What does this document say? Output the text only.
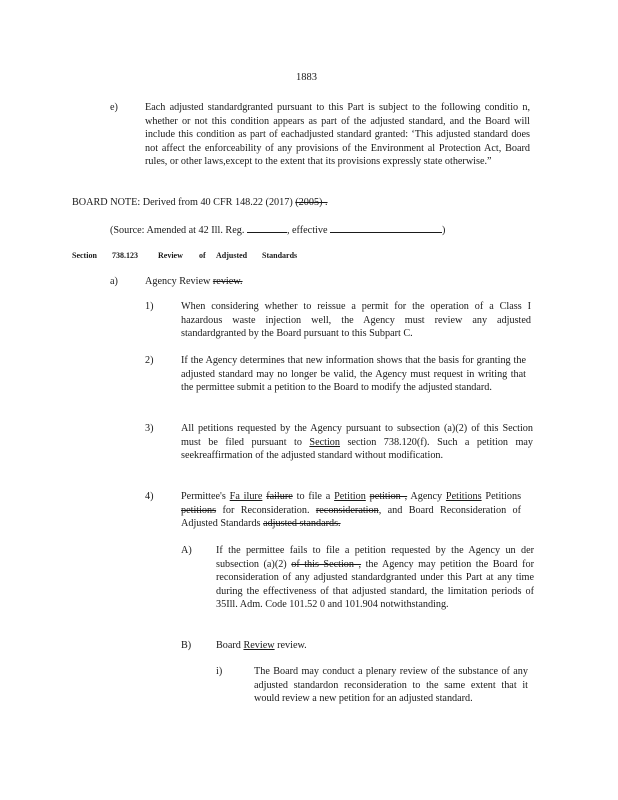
1883
e)	Each adjusted standardgranted pursuant to this Part is subject to the following conditio n, whether or not this condition appears as part of the adjusted standard, and the Board will include this condition as part of eachadjusted standard granted: ‘This adjusted standard does not affect the enforceability of any provisions of the Environment al Protection Act, Board rules, or other laws,except to the extent that its provisions expressly state otherwise.”
BOARD NOTE: Derived from 40 CFR 148.22 (2017) (2005) .
(Source: Amended at 42 Ill. Reg.	, effective	)
Section 738.123	Review of Adjusted Standards
a)	Agency Review review.
1)	When considering whether to reissue a permit for the operation of a Class I hazardous waste injection well, the Agency must review any adjusted standardgranted by the Board pursuant to this Subpart C.
2)	If the Agency determines that new information shows that the basis for granting the adjusted standard may no longer be valid, the Agency must request in writing that the permittee submit a petition to the Board to modify the adjusted standard.
3)	All petitions requested by the Agency pursuant to subsection (a)(2) of this Section must be filed pursuant to Section section 738.120(f). Such a petition may seekreaffirmation of the adjusted standard without modification.
4)	Permittee's Fa ilure failure to file a Petition petition , Agency Petitions Petitions petitions for Reconsideration. reconsideration, and Board Reconsideration of Adjusted Standards adjusted standards.
A) If the permittee fails to file a petition requested by the Agency un der subsection (a)(2) of this Section , the Agency may petition the Board for reconsideration of any adjusted standardgranted under this Part at any time during the effectiveness of that adjusted standard, the limitation periods of 35Ill. Adm. Code 101.52 0 and 101.904 notwithstanding.
B) Board Review review.
i)	The Board may conduct a plenary review of the substance of any adjusted standardon reconsideration to the same extent that it would review a new petition for an adjusted standard.
